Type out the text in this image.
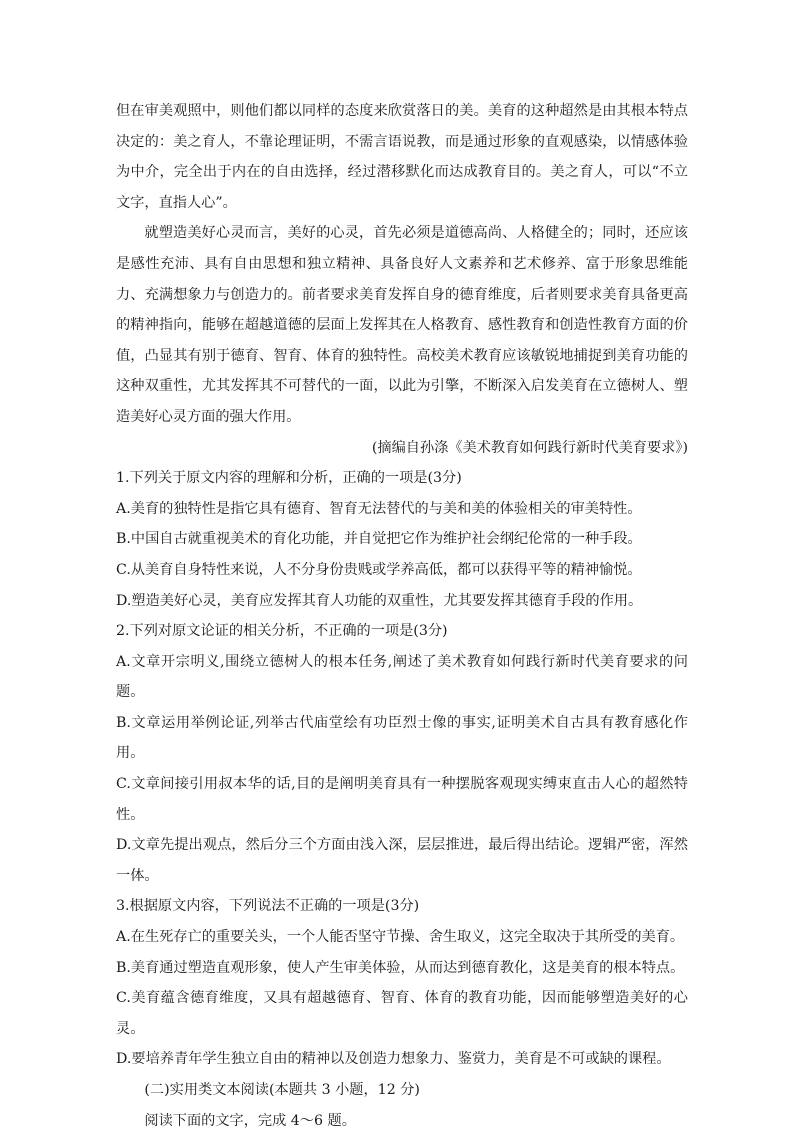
但在审美观照中，则他们都以同样的态度来欣赏落日的美。美育的这种超然是由其根本特点决定的：美之育人，不靠论理证明，不需言语说教，而是通过形象的直观感染，以情感体验为中介，完全出于内在的自由选择，经过潜移默化而达成教育目的。美之育人，可以“不立文字，直指人心”。

就塑造美好心灵而言，美好的心灵，首先必须是道德高尚、人格健全的；同时，还应该是感性充沛、具有自由思想和独立精神、具备良好人文素养和艺术修养、富于形象思维能力、充满想象力与创造力的。前者要求美育发挥自身的德育维度，后者则要求美育具备更高的精神指向，能够在超越道德的层面上发挥其在人格教育、感性教育和创造性教育方面的价值，凸显其有别于德育、智育、体育的独特性。高校美术教育应该敏锐地捕捉到美育功能的这种双重性，尤其发挥其不可替代的一面，以此为引擎，不断深入启发美育在立德树人、塑造美好心灵方面的强大作用。

(摘编自孙涤《美术教育如何践行新时代美育要求》)

1.下列关于原文内容的理解和分析，正确的一项是(3分)

A.美育的独特性是指它具有德育、智育无法替代的与美和美的体验相关的审美特性。

B.中国自古就重视美术的育化功能，并自觉把它作为维护社会纲纪伦常的一种手段。

C.从美育自身特性来说，人不分身份贵贱或学养高低，都可以获得平等的精神愉悦。

D.塑造美好心灵，美育应发挥其育人功能的双重性，尤其要发挥其德育手段的作用。

2.下列对原文论证的相关分析，不正确的一项是(3分)

A.文章开宗明义,围绕立德树人的根本任务,阐述了美术教育如何践行新时代美育要求的问题。

B.文章运用举例论证,列举古代庙堂绘有功臣烈士像的事实,证明美术自古具有教育感化作用。

C.文章间接引用叔本华的话,目的是阐明美育具有一种摆脱客观现实缚束直击人心的超然特性。

D.文章先提出观点，然后分三个方面由浅入深，层层推进，最后得出结论。逻辑严密，浑然一体。

3.根据原文内容，下列说法不正确的一项是(3分)

A.在生死存亡的重要关头，一个人能否坚守节操、舍生取义，这完全取决于其所受的美育。

B.美育通过塑造直观形象，使人产生审美体验，从而达到德育教化，这是美育的根本特点。

C.美育蕴含德育维度，又具有超越德育、智育、体育的教育功能，因而能够塑造美好的心灵。

D.要培养青年学生独立自由的精神以及创造力想象力、鉴赏力，美育是不可或缺的课程。

(二)实用类文本阅读(本题共 3 小题，12 分)

阅读下面的文字，完成 4～6 题。
